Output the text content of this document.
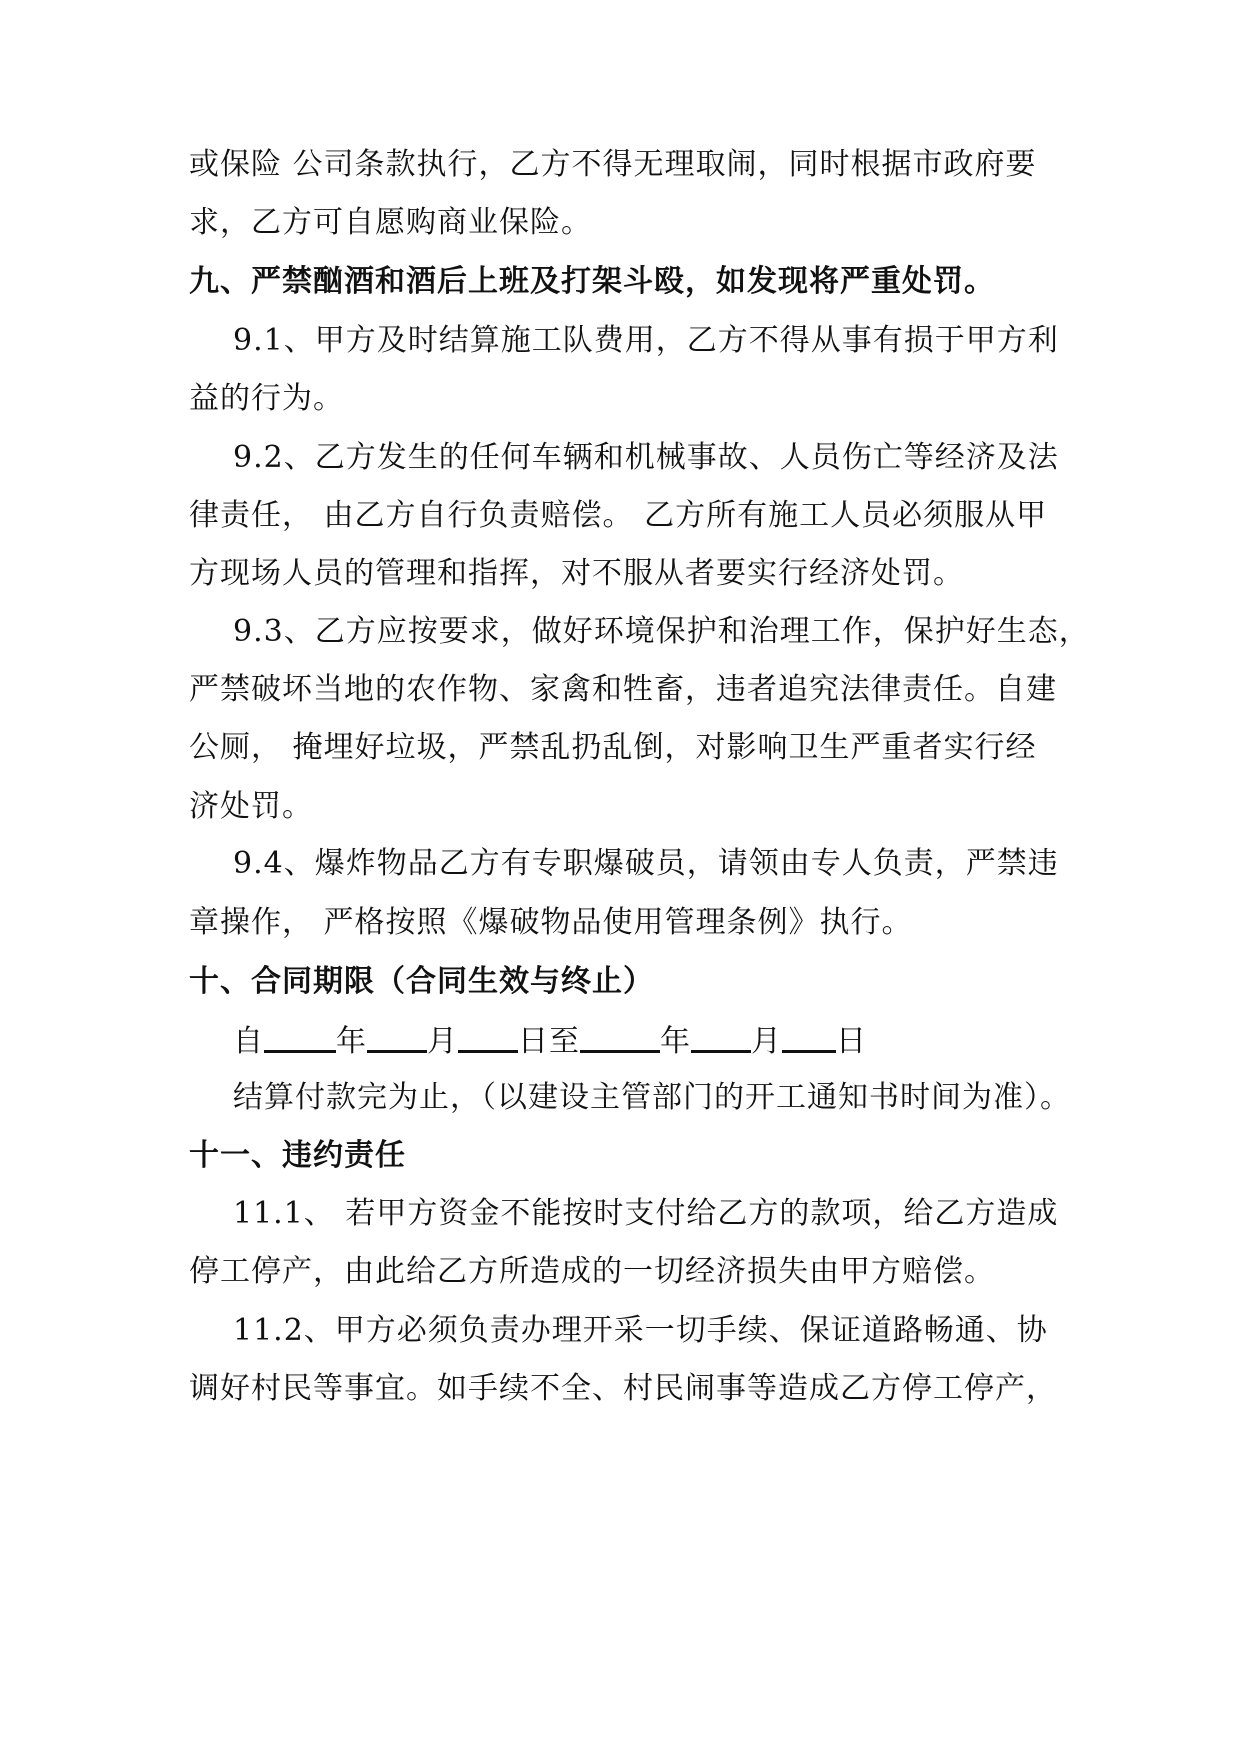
或保险 公司条款执行，乙方不得无理取闹，同时根据市政府要
求，乙方可自愿购商业保险。
九、严禁酗酒和酒后上班及打架斗殴，如发现将严重处罚。
9.1、甲方及时结算施工队费用，乙方不得从事有损于甲方利
益的行为。
9.2、乙方发生的任何车辆和机械事故、人员伤亡等经济及法
律责任， 由乙方自行负责赔偿。 乙方所有施工人员必须服从甲
方现场人员的管理和指挥，对不服从者要实行经济处罚。
9.3、乙方应按要求，做好环境保护和治理工作，保护好生态，
严禁破坏当地的农作物、家禽和牲畜，违者追究法律责任。自建
公厕， 掩埋好垃圾，严禁乱扔乱倒，对影响卫生严重者实行经
济处罚。
9.4、爆炸物品乙方有专职爆破员，请领由专人负责，严禁违
章操作， 严格按照《爆破物品使用管理条例》执行。
十、合同期限（合同生效与终止）
自 年 月 日至	年 月 日
结算付款完为止，（以建设主管部门的开工通知书时间为准）。
十一、违约责任
11.1、 若甲方资金不能按时支付给乙方的款项，给乙方造成
停工停产，由此给乙方所造成的一切经济损失由甲方赔偿。
11.2、甲方必须负责办理开采一切手续、保证道路畅通、协
调好村民等事宜。如手续不全、村民闹事等造成乙方停工停产，
